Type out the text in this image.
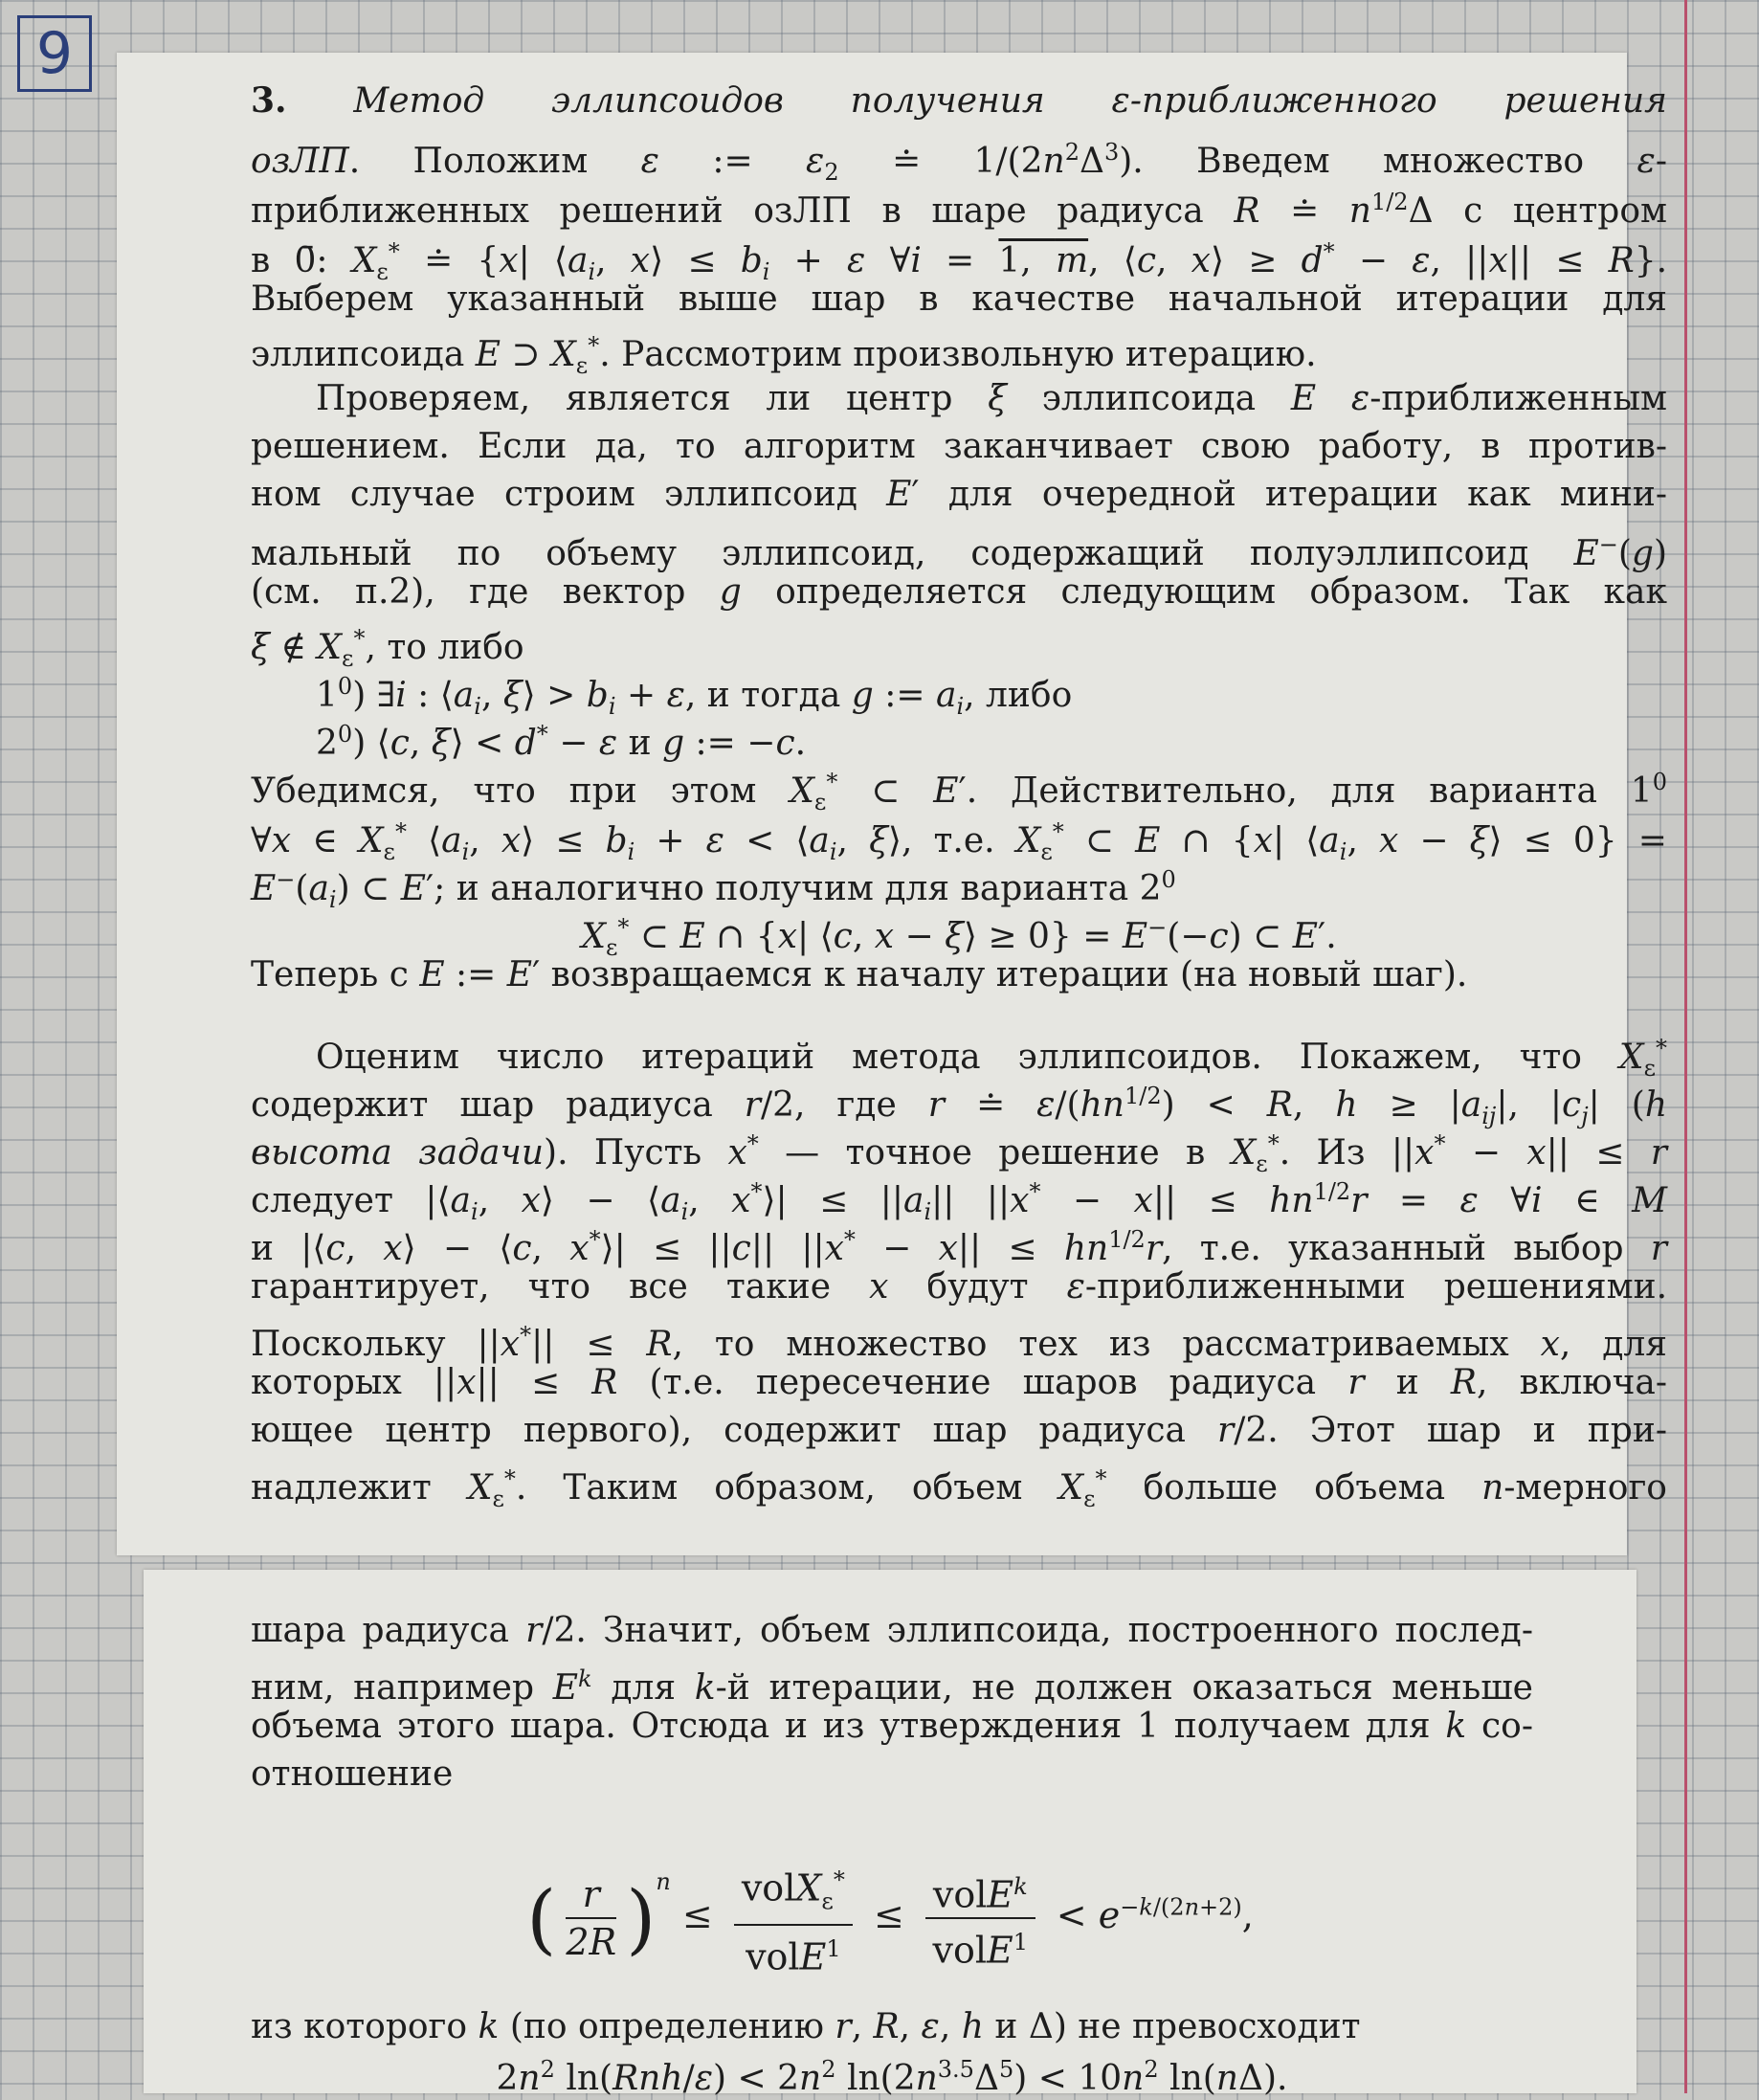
9
3. Метод эллипсоидов получения ε-приближенного решения
озЛП. Положим ε := $\varepsilon_2$ ≐ $1/(2n^2\Delta^3)$. Введем множество ε-
приближенных решений озЛП в шаре радиуса R ≐ $n^{1/2}\Delta$ с центром
в 0̄: $X_\varepsilon^*$ ≐ {x| $⟨a_i$, x⟩ ≤ $b_i + \varepsilon$ ∀i = 1, m, ⟨c, x⟩ ≥ d* − ε, ||x|| ≤ R}.
Выберем указанный выше шар в качестве начальной итерации для
эллипсоида E ⊃ $X_\varepsilon^*$. Рассмотрим произвольную итерацию.
Проверяем, является ли центр ξ эллипсоида E ε-приближенным
решением. Если да, то алгоритм заканчивает свою работу, в против-
ном случае строим эллипсоид E′ для очередной итерации как мини-
мальный по объему эллипсоид, содержащий полуэллипсоид E−(g)
(см. п.2), где вектор g определяется следующим образом. Так как
ξ ∉ $X_\varepsilon^*$, то либо
$1^0$) ∃i : $⟨a_i$, ξ⟩ > $b_i + \varepsilon$, и тогда g := $a_i$, либо
$2^0$) ⟨c, ξ⟩ < d* − ε и g := −c.
Убедимся, что при этом $X_\varepsilon^*$ ⊂ E′. Действительно, для варианта $1^0$
∀x ∈ $X_\varepsilon^*$ $⟨a_i$, x⟩ ≤ $b_i + \varepsilon$ < $⟨a_i$, ξ⟩, т.е. $X_\varepsilon^*$ ⊂ E ∩ {x| $⟨a_i$, x − ξ⟩ ≤ 0} =
$E^-(a_i)$ ⊂ E′; и аналогично получим для варианта $2^0$
$X_\varepsilon^*$ ⊂ E ∩ {x| ⟨c, x − ξ⟩ ≥ 0} = E−(−c) ⊂ E′.
Теперь с E := E′ возвращаемся к началу итерации (на новый шаг).
Оценим число итераций метода эллипсоидов. Покажем, что $X_\varepsilon^*$
содержит шар радиуса r/2, где r ≐ $\varepsilon/(hn^{1/2}) < R$, $h \ge |a_{ij}|$, $|c_j|$ (h
высота задачи). Пусть x* — точное решение в $X_\varepsilon^*$. Из ||x* − x|| ≤ r
следует $|⟨a_i$, x⟩ − $⟨a_i$, x*⟩| ≤ $||a_i||$ $||x^* - x|| \le hn^{1/2}r = \varepsilon$ ∀i ∈ M
и |⟨c, x⟩ − ⟨c, x*⟩| ≤ ||c|| $||x^* - x|| \le hn^{1/2}r$, т.е. указанный выбор r
гарантирует, что все такие x будут ε-приближенными решениями.
Поскольку ||x*|| ≤ R, то множество тех из рассматриваемых x, для
которых ||x|| ≤ R (т.е. пересечение шаров радиуса r и R, включа-
ющее центр первого), содержит шар радиуса r/2. Этот шар и при-
надлежит $X_\varepsilon^*$. Таким образом, объем $X_\varepsilon^*$ больше объема n-мерного
шара радиуса r/2. Значит, объем эллипсоида, построенного послед-
ним, например $E^k$ для k-й итерации, не должен оказаться меньше
объема этого шара. Отсюда и из утверждения 1 получаем для k со-
отношение
( $\frac{r}{2R} )^n \le \frac{volX_\varepsilon^*}{volE^1} \le \frac{volE^k}{volE^1} < e^{-k/(2n+2)}$,
из которого k (по определению r, R, ε, h и Δ) не превосходит
$2n^2$ $\ln(Rnh/\varepsilon) < 2n^2$ $\ln(2n^{3.5}\Delta^5) < 10n^2$ ln(nΔ).
